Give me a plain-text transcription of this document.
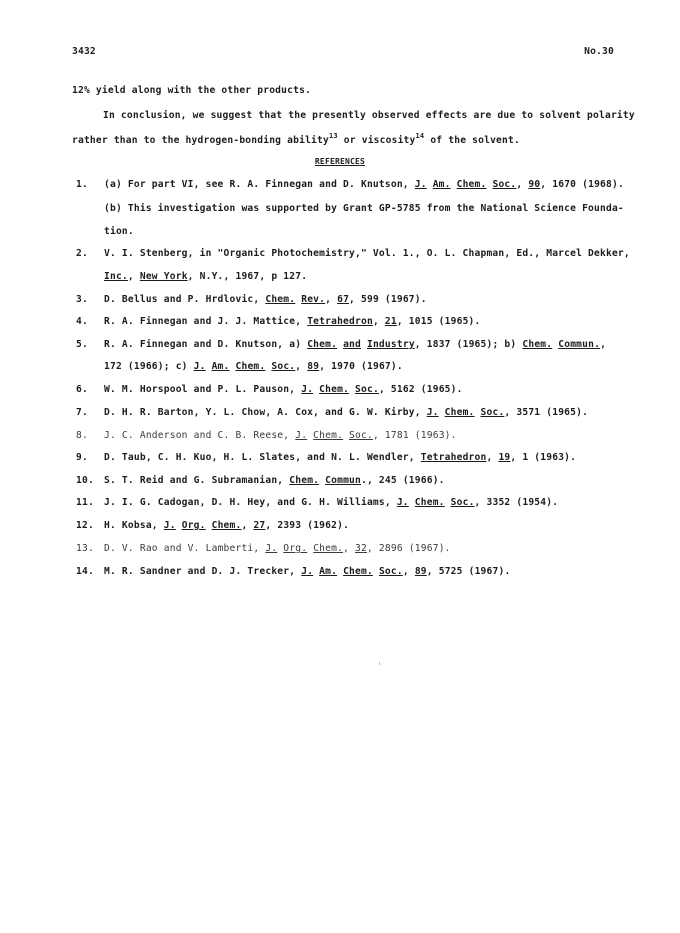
3432	No.30
12% yield along with the other products.
In conclusion, we suggest that the presently observed effects are due to solvent polarity
rather than to the hydrogen-bonding ability$^{13}$ or viscosity$^{14}$ of the solvent.
REFERENCES
1. (a) For part VI, see R. A. Finnegan and D. Knutson, J. Am. Chem. Soc., 90, 1670 (1968).
(b) This investigation was supported by Grant GP-5785 from the National Science Founda-
tion.
2. V. I. Stenberg, in "Organic Photochemistry," Vol. 1., O. L. Chapman, Ed., Marcel Dekker,
Inc., New York, N.Y., 1967, p 127.
3. D. Bellus and P. Hrdlovic, Chem. Rev., 67, 599 (1967).
4. R. A. Finnegan and J. J. Mattice, Tetrahedron, 21, 1015 (1965).
5. R. A. Finnegan and D. Knutson, a) Chem. and Industry, 1837 (1965); b) Chem. Commun.,
172 (1966); c) J. Am. Chem. Soc., 89, 1970 (1967).
6. W. M. Horspool and P. L. Pauson, J. Chem. Soc., 5162 (1965).
7. D. H. R. Barton, Y. L. Chow, A. Cox, and G. W. Kirby, J. Chem. Soc., 3571 (1965).
8. J. C. Anderson and C. B. Reese, J. Chem. Soc., 1781 (1963).
9. D. Taub, C. H. Kuo, H. L. Slates, and N. L. Wendler, Tetrahedron, 19, 1 (1963).
10. S. T. Reid and G. Subramanian, Chem. Commun., 245 (1966).
11. J. I. G. Cadogan, D. H. Hey, and G. H. Williams, J. Chem. Soc., 3352 (1954).
12. H. Kobsa, J. Org. Chem., 27, 2393 (1962).
13. D. V. Rao and V. Lamberti, J. Org. Chem., 32, 2896 (1967).
14. M. R. Sandner and D. J. Trecker, J. Am. Chem. Soc., 89, 5725 (1967).
